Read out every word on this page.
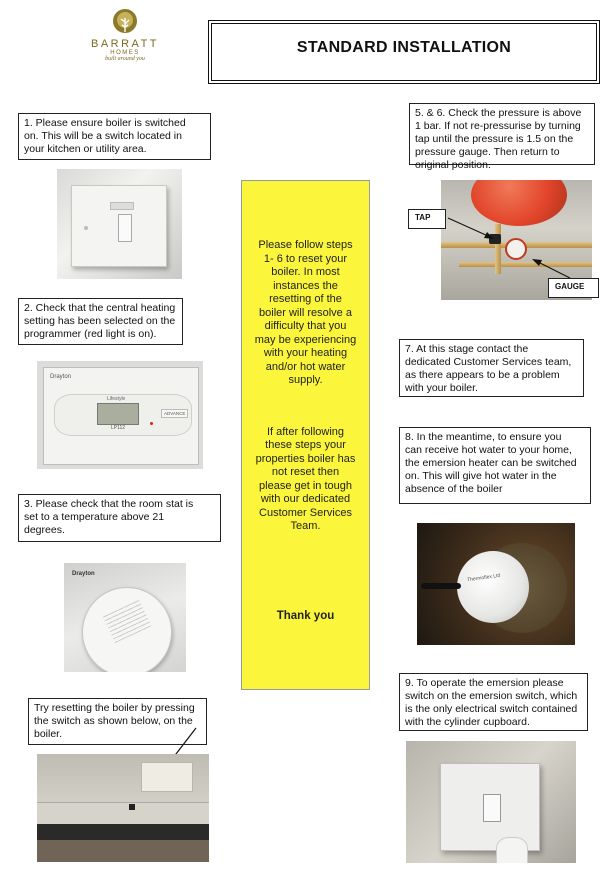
BARRATT
HOMES
built around you
STANDARD INSTALLATION
1. Please ensure boiler is switched
on. This will be a switch located in
your kitchen or utility area.
2. Check that the central heating
setting has been selected on the
programmer (red light is on).
Drayton
Lifestyle
LP112
ADVANCE
3. Please check that the room stat is
set to a temperature above 21
degrees.
Drayton
Try resetting the boiler by pressing
the switch as shown below, on the
boiler.

Please follow steps
1- 6 to reset your
boiler. In most
instances the
resetting of the
boiler will resolve a
difficulty that you
may be experiencing
with your heating
and/or hot water
supply.

If after following
these steps your
properties boiler has
not reset then
please get in tough
with our dedicated
Customer Services
Team.

Thank you

5. & 6. Check the pressure is above
1 bar. If not re-pressurise by turning
tap until the pressure is 1.5 on the
pressure gauge. Then return to
original position.
TAP
GAUGE
7. At this stage contact the
dedicated Customer Services team,
as there appears to be a problem
with your boiler.
8. In the meantime, to ensure you
can receive hot water to your home,
the emersion heater can be switched
on. This will give hot water in the
absence of the boiler
Thermoflex Ltd
9. To operate the emersion please
switch on the emersion switch, which
is the only electrical switch contained
with the cylinder cupboard.
